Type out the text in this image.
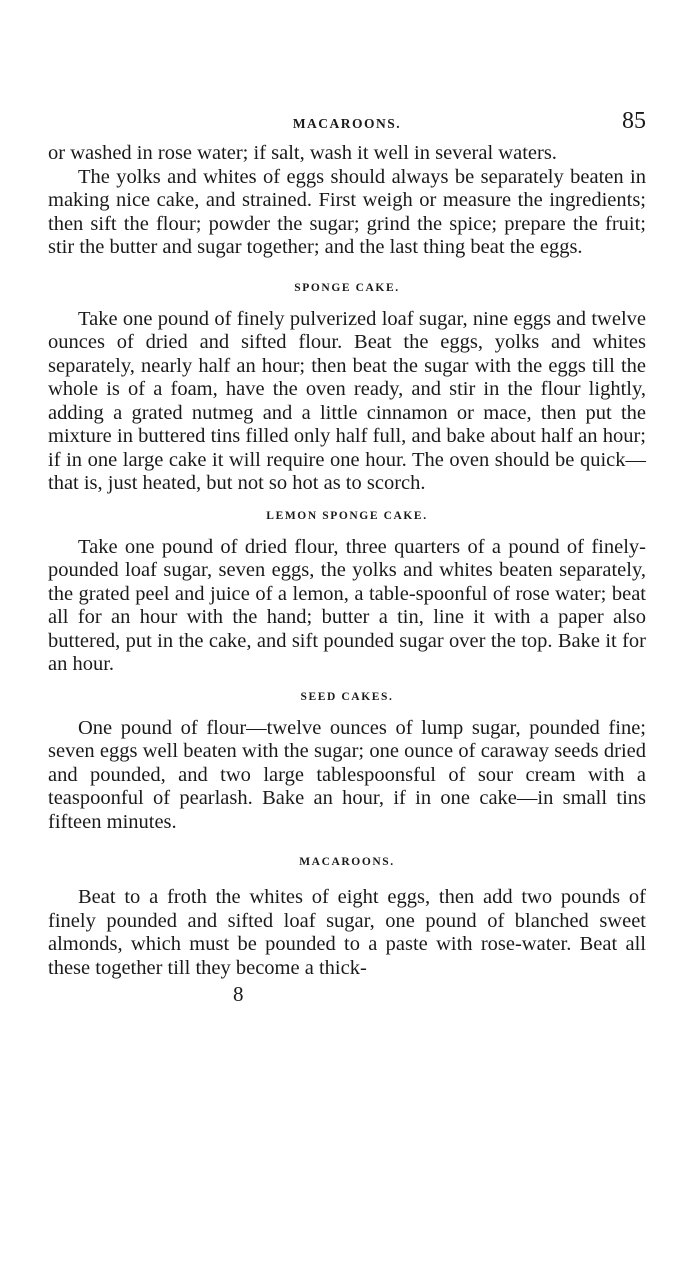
MACAROONS.	85

or washed in rose water; if salt, wash it well in several waters.

The yolks and whites of eggs should always be separately beaten in making nice cake, and strained. First weigh or measure the ingredients; then sift the flour; powder the sugar; grind the spice; prepare the fruit; stir the butter and sugar together; and the last thing beat the eggs.

SPONGE CAKE.

Take one pound of finely pulverized loaf sugar, nine eggs and twelve ounces of dried and sifted flour. Beat the eggs, yolks and whites separately, nearly half an hour; then beat the sugar with the eggs till the whole is of a foam, have the oven ready, and stir in the flour lightly, adding a grated nutmeg and a little cinnamon or mace, then put the mixture in buttered tins filled only half full, and bake about half an hour; if in one large cake it will require one hour. The oven should be quick—that is, just heated, but not so hot as to scorch.

LEMON SPONGE CAKE.

Take one pound of dried flour, three quarters of a pound of finely-pounded loaf sugar, seven eggs, the yolks and whites beaten separately, the grated peel and juice of a lemon, a table-spoonful of rose water; beat all for an hour with the hand; butter a tin, line it with a paper also buttered, put in the cake, and sift pounded sugar over the top. Bake it for an hour.

SEED CAKES.

One pound of flour—twelve ounces of lump sugar, pounded fine; seven eggs well beaten with the sugar; one ounce of caraway seeds dried and pounded, and two large tablespoonsful of sour cream with a teaspoonful of pearlash. Bake an hour, if in one cake—in small tins fifteen minutes.

MACAROONS.

Beat to a froth the whites of eight eggs, then add two pounds of finely pounded and sifted loaf sugar, one pound of blanched sweet almonds, which must be pounded to a paste with rose-water. Beat all these together till they become a thick-

8
